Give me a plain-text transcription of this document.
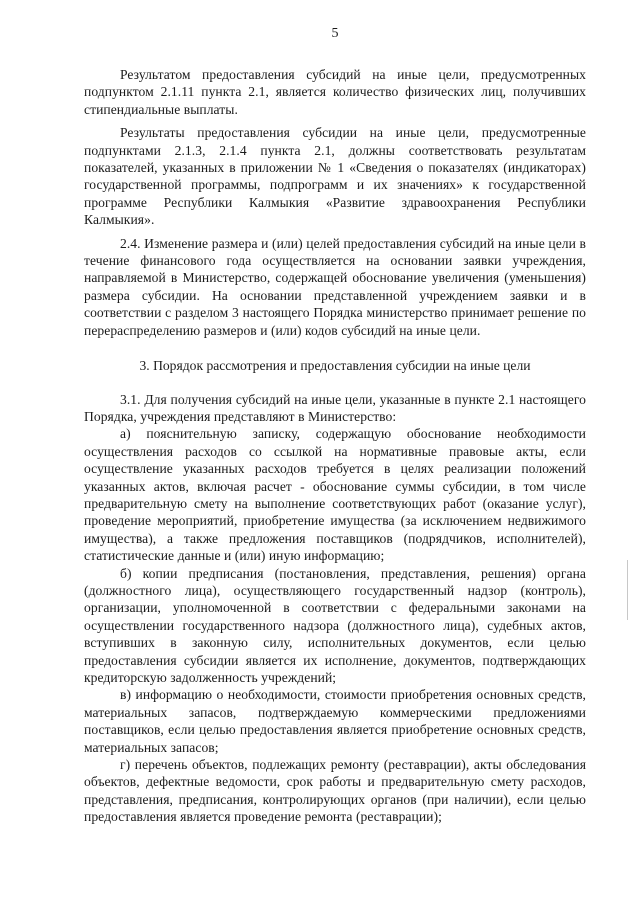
5

Результатом предоставления субсидий на иные цели, предусмотренных подпунктом 2.1.11 пункта 2.1, является количество физических лиц, получивших стипендиальные выплаты.

Результаты предоставления субсидии на иные цели, предусмотренные подпунктами 2.1.3, 2.1.4 пункта 2.1, должны соответствовать результатам показателей, указанных в приложении № 1 «Сведения о показателях (индикаторах) государственной программы, подпрограмм и их значениях» к государственной программе Республики Калмыкия «Развитие здравоохранения Республики Калмыкия».

2.4. Изменение размера и (или) целей предоставления субсидий на иные цели в течение финансового года осуществляется на основании заявки учреждения, направляемой в Министерство, содержащей обоснование увеличения (уменьшения) размера субсидии. На основании представленной учреждением заявки и в соответствии с разделом 3 настоящего Порядка министерство принимает решение по перераспределению размеров и (или) кодов субсидий на иные цели.

3. Порядок рассмотрения и предоставления субсидии на иные цели

3.1. Для получения субсидий на иные цели, указанные в пункте 2.1 настоящего Порядка, учреждения представляют в Министерство:

а) пояснительную записку, содержащую обоснование необходимости осуществления расходов со ссылкой на нормативные правовые акты, если осуществление указанных расходов требуется в целях реализации положений указанных актов, включая расчет - обоснование суммы субсидии, в том числе предварительную смету на выполнение соответствующих работ (оказание услуг), проведение мероприятий, приобретение имущества (за исключением недвижимого имущества), а также предложения поставщиков (подрядчиков, исполнителей), статистические данные и (или) иную информацию;

б) копии предписания (постановления, представления, решения) органа (должностного лица), осуществляющего государственный надзор (контроль), организации, уполномоченной в соответствии с федеральными законами на осуществлении государственного надзора (должностного лица), судебных актов, вступивших в законную силу, исполнительных документов, если целью предоставления субсидии является их исполнение, документов, подтверждающих кредиторскую задолженность учреждений;

в) информацию о необходимости, стоимости приобретения основных средств, материальных запасов, подтверждаемую коммерческими предложениями поставщиков, если целью предоставления является приобретение основных средств, материальных запасов;

г) перечень объектов, подлежащих ремонту (реставрации), акты обследования объектов, дефектные ведомости, срок работы и предварительную смету расходов, представления, предписания, контролирующих органов (при наличии), если целью предоставления является проведение ремонта (реставрации);
